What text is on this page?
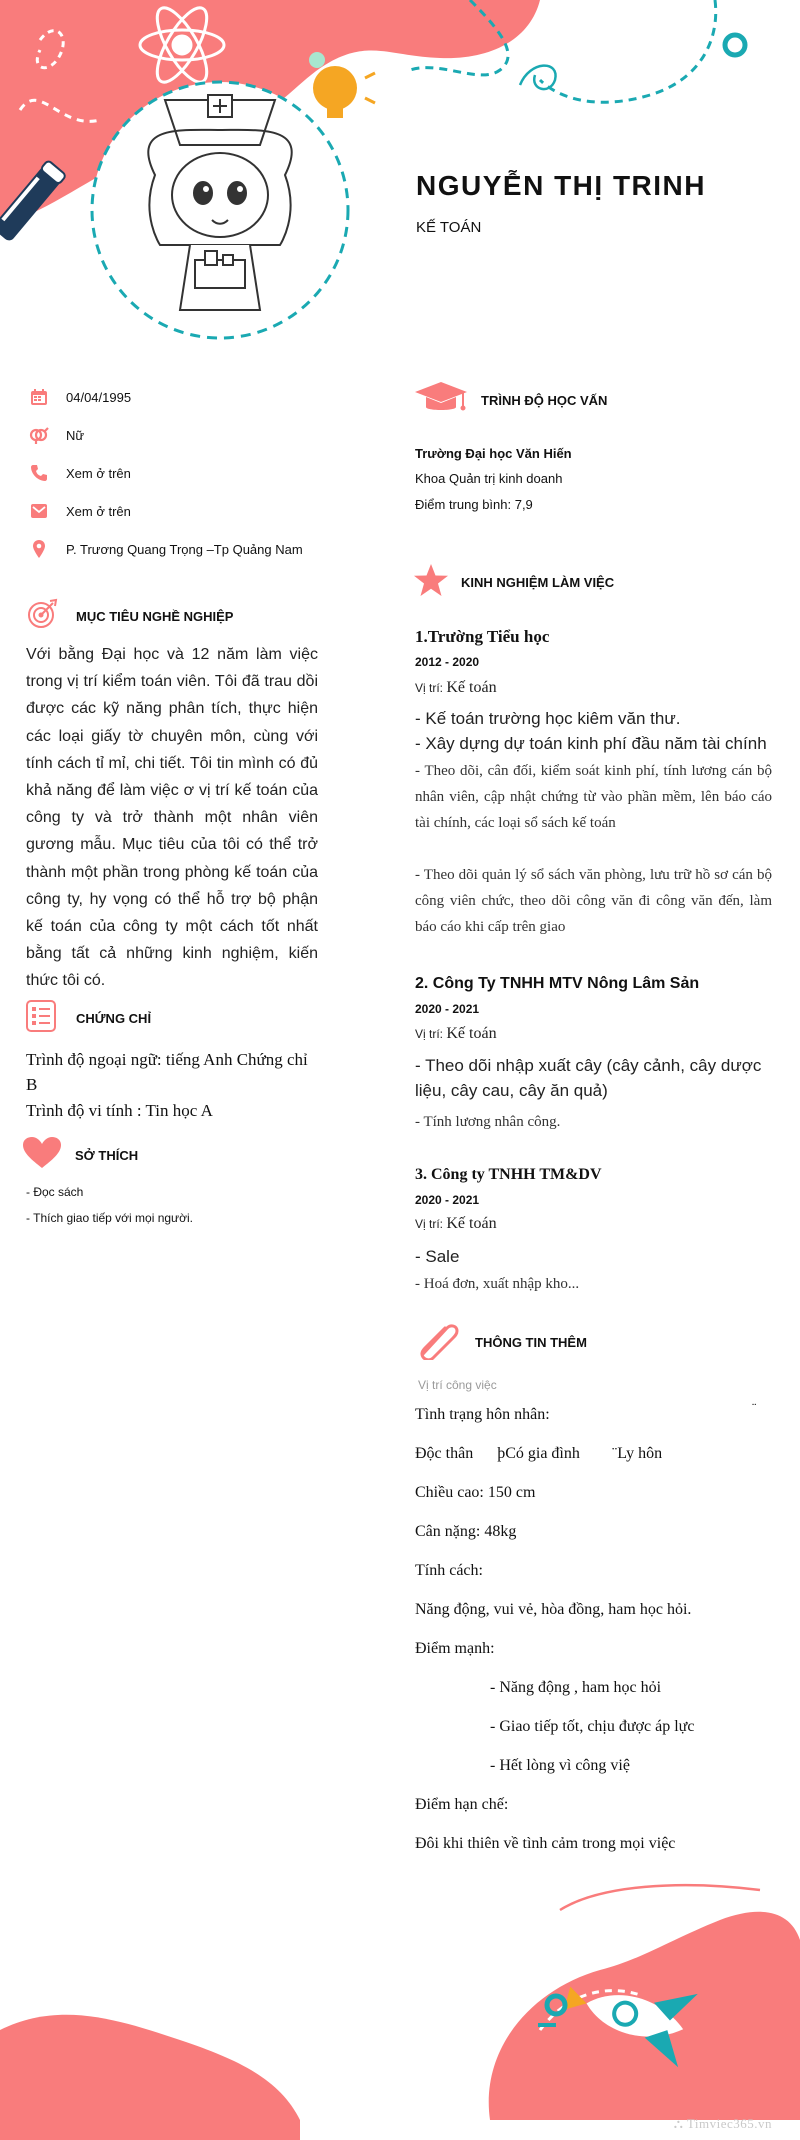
NGUYỄN THỊ TRINH
KẾ TOÁN
04/04/1995
Nữ
Xem ở trên
Xem ở trên
P. Trương Quang Trọng –Tp Quảng Nam
MỤC TIÊU NGHỀ NGHIỆP
Với bằng Đại học và 12 năm làm việc trong vị trí kiểm toán viên. Tôi đã trau dồi được các kỹ năng phân tích, thực hiện các loại giấy tờ chuyên môn, cùng với tính cách tỉ mỉ, chi tiết. Tôi tin mình có đủ khả năng để làm việc ơ vị trí kế toán của công ty và trở thành một nhân viên gương mẫu. Mục tiêu của tôi có thể trở thành một phần trong phòng kế toán của công ty, hy vọng có thể hỗ trợ bộ phận kế toán của công ty một cách tốt nhất bằng tất cả những kinh nghiệm, kiến thức tôi có.
CHỨNG CHỈ
Trình độ ngoại ngữ: tiếng Anh Chứng chỉ B
Trình độ vi tính : Tin học A
SỞ THÍCH
- Đọc sách
- Thích giao tiếp với mọi người.
TRÌNH ĐỘ HỌC VẤN
Trường Đại học Văn Hiến
Khoa Quản trị kinh doanh
Điểm trung bình: 7,9
KINH NGHIỆM LÀM VIỆC
1.Trường Tiểu học
2012 - 2020
Vị trí: Kế toán
- Kế toán trường học kiêm văn thư.
- Xây dựng dự toán kinh phí đầu năm tài chính
- Theo dõi, cân đối, kiểm soát kinh phí, tính lương cán bộ nhân viên, cập nhật chứng từ vào phần mềm, lên báo cáo tài chính, các loại sổ sách kế toán
- Theo dõi quản lý sổ sách văn phòng, lưu trữ hồ sơ cán bộ công viên chức, theo dõi công văn đi công văn đến, làm báo cáo khi cấp trên giao
2. Công Ty TNHH MTV Nông Lâm Sản
2020 - 2021
Vị trí: Kế toán
- Theo dõi nhập xuất cây (cây cảnh, cây dược liệu, cây cau, cây ăn quả)
- Tính lương nhân công.
3. Công ty TNHH TM&DV
2020 - 2021
Vị trí: Kế toán
- Sale
- Hoá đơn, xuất nhập kho...
THÔNG TIN THÊM
Vị trí công việc
Tình trạng hôn nhân:	¨
Độc thân      þCó gia đình        ¨Ly hôn
Chiều cao: 150 cm
Cân nặng: 48kg
Tính cách:
Năng động, vui vẻ, hòa đồng, ham học hỏi.
Điểm mạnh:
- Năng động , ham học hỏi
- Giao tiếp tốt, chịu được áp lực
- Hết lòng vì công việ
Điểm hạn chế:
Đôi khi thiên về tình cảm trong mọi việc
⛬ Timviec365.vn
